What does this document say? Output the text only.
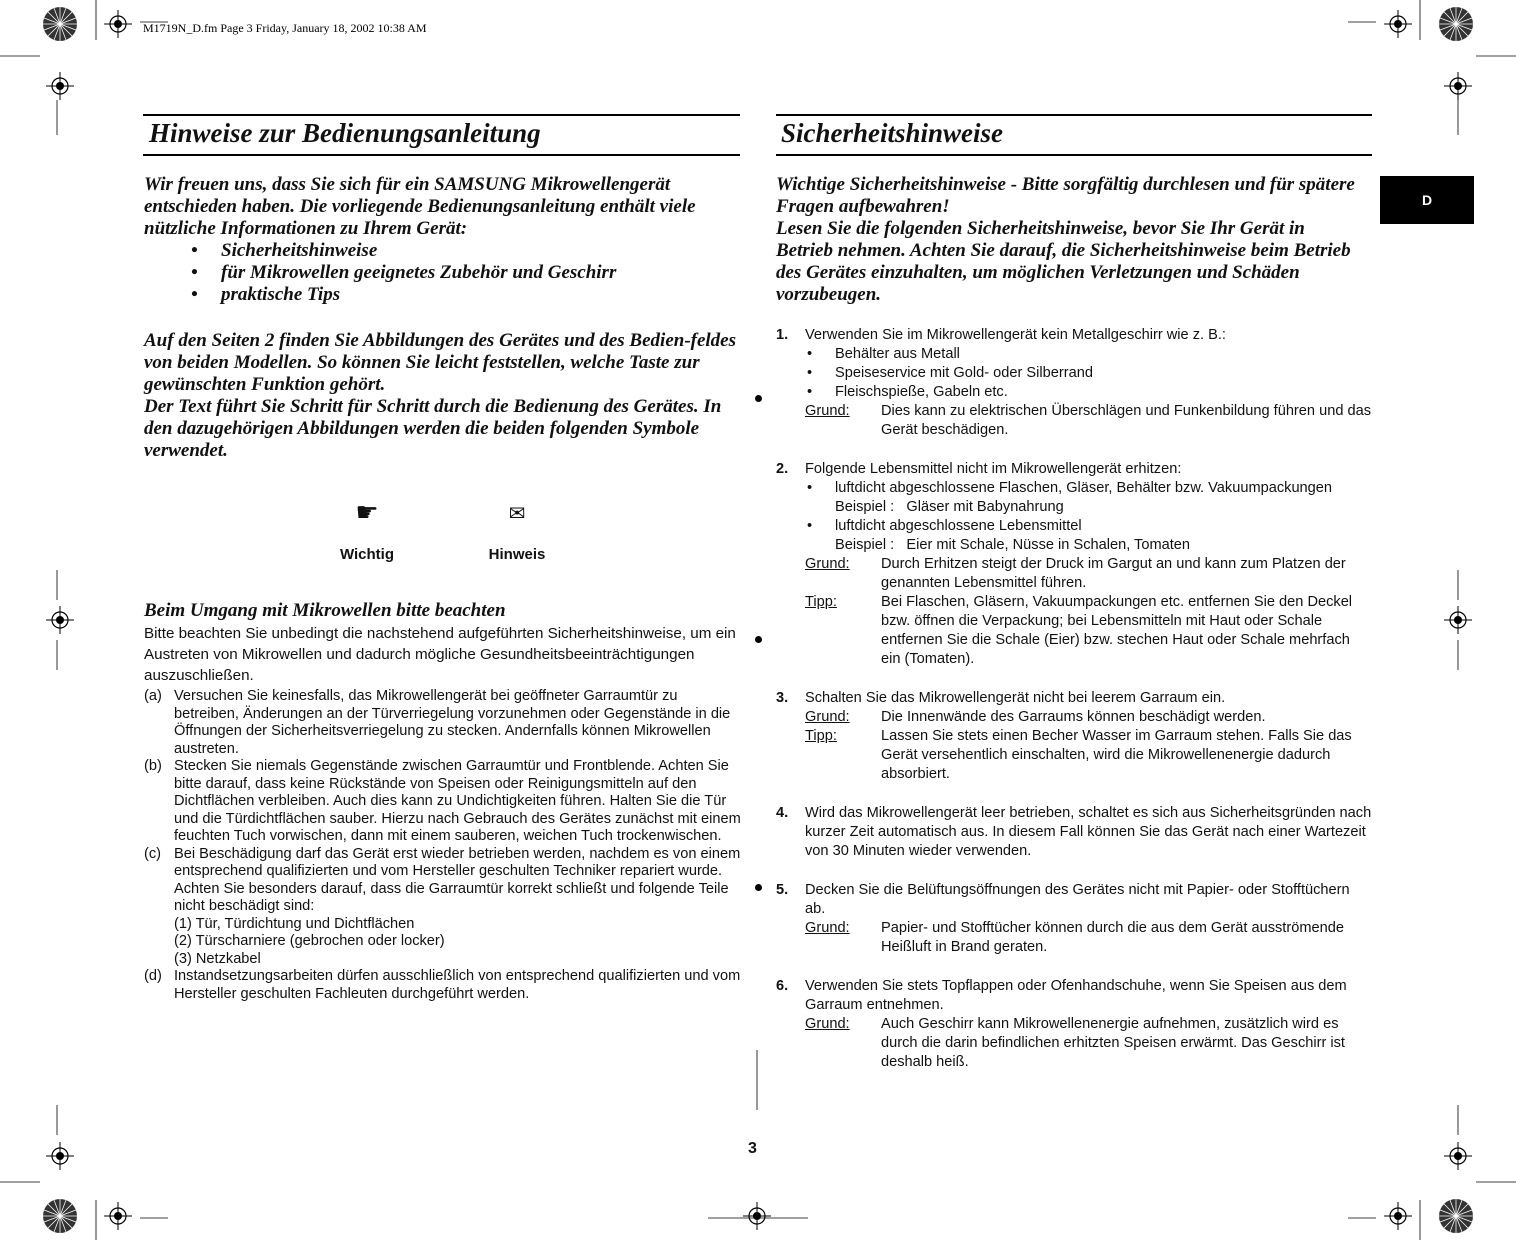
M1719N_D.fm Page 3 Friday, January 18, 2002 10:38 AM
D
Hinweise zur Bedienungsanleitung

Wir freuen uns, dass Sie sich für ein SAMSUNG Mikrowellengerät entschieden haben. Die vorliegende Bedienungsanleitung enthält viele nützliche Informationen zu Ihrem Gerät:

• Sicherheitshinweise
• für Mikrowellen geeignetes Zubehör und Geschirr
• praktische Tips

Auf den Seiten 2 finden Sie Abbildungen des Gerätes und des Bedien-feldes von beiden Modellen. So können Sie leicht feststellen, welche Taste zur gewünschten Funktion gehört.

Der Text führt Sie Schritt für Schritt durch die Bedienung des Gerätes. In den dazugehörigen Abbildungen werden die beiden folgenden Symbole verwendet.

☛
Wichtig
✉
Hinweis
Beim Umgang mit Mikrowellen bitte beachten
Bitte beachten Sie unbedingt die nachstehend aufgeführten Sicherheitshinweise, um ein Austreten von Mikrowellen und dadurch mögliche Gesundheitsbeeinträchtigungen auszuschließen.
(a) Versuchen Sie keinesfalls, das Mikrowellengerät bei geöffneter Garraumtür zu betreiben, Änderungen an der Türverriegelung vorzunehmen oder Gegenstände in die Öffnungen der Sicherheitsverriegelung zu stecken. Andernfalls können Mikrowellen austreten.
(b) Stecken Sie niemals Gegenstände zwischen Garraumtür und Frontblende. Achten Sie bitte darauf, dass keine Rückstände von Speisen oder Reinigungsmitteln auf den Dichtflächen verbleiben. Auch dies kann zu Undichtigkeiten führen. Halten Sie die Tür und die Türdichtflächen sauber. Hierzu nach Gebrauch des Gerätes zunächst mit einem feuchten Tuch vorwischen, dann mit einem sauberen, weichen Tuch trockenwischen.
(c) Bei Beschädigung darf das Gerät erst wieder betrieben werden, nachdem es von einem entsprechend qualifizierten und vom Hersteller geschulten Techniker repariert wurde. Achten Sie besonders darauf, dass die Garraumtür korrekt schließt und folgende Teile nicht beschädigt sind:
(1) Tür, Türdichtung und Dichtflächen
(2) Türscharniere (gebrochen oder locker)
(3) Netzkabel
(d) Instandsetzungsarbeiten dürfen ausschließlich von entsprechend qualifizierten und vom Hersteller geschulten Fachleuten durchgeführt werden.
Sicherheitshinweise

Wichtige Sicherheitshinweise - Bitte sorgfältig durchlesen und für spätere Fragen aufbewahren!

Lesen Sie die folgenden Sicherheitshinweise, bevor Sie Ihr Gerät in Betrieb nehmen. Achten Sie darauf, die Sicherheitshinweise beim Betrieb des Gerätes einzuhalten, um möglichen Verletzungen und Schäden vorzubeugen.

1. Verwenden Sie im Mikrowellengerät kein Metallgeschirr wie z. B.:
• Behälter aus Metall
• Speiseservice mit Gold- oder Silberrand
• Fleischspieße, Gabeln etc.
Grund: Dies kann zu elektrischen Überschlägen und Funkenbildung führen und das Gerät beschädigen.
2. Folgende Lebensmittel nicht im Mikrowellengerät erhitzen:
• luftdicht abgeschlossene Flaschen, Gläser, Behälter bzw. Vakuumpackungen
Beispiel :   Gläser mit Babynahrung
• luftdicht abgeschlossene Lebensmittel
Beispiel :   Eier mit Schale, Nüsse in Schalen, Tomaten
Grund: Durch Erhitzen steigt der Druck im Gargut an und kann zum Platzen der genannten Lebensmittel führen.
Tipp:	Bei Flaschen, Gläsern, Vakuumpackungen etc. entfernen Sie den Deckel bzw. öffnen die Verpackung; bei Lebensmitteln mit Haut oder Schale entfernen Sie die Schale (Eier) bzw. stechen Haut oder Schale mehrfach ein (Tomaten).
3. Schalten Sie das Mikrowellengerät nicht bei leerem Garraum ein.
Grund: Die Innenwände des Garraums können beschädigt werden.
Tipp:	Lassen Sie stets einen Becher Wasser im Garraum stehen. Falls Sie das Gerät versehentlich einschalten, wird die Mikrowellenenergie dadurch absorbiert.
4. Wird das Mikrowellengerät leer betrieben, schaltet es sich aus Sicherheitsgründen nach kurzer Zeit automatisch aus. In diesem Fall können Sie das Gerät nach einer Wartezeit von 30 Minuten wieder verwenden.
5. Decken Sie die Belüftungsöffnungen des Gerätes nicht mit Papier- oder Stofftüchern ab.
Grund: Papier- und Stofftücher können durch die aus dem Gerät ausströmende Heißluft in Brand geraten.
6. Verwenden Sie stets Topflappen oder Ofenhandschuhe, wenn Sie Speisen aus dem Garraum entnehmen.
Grund: Auch Geschirr kann Mikrowellenenergie aufnehmen, zusätzlich wird es durch die darin befindlichen erhitzten Speisen erwärmt. Das Geschirr ist deshalb heiß.
3
